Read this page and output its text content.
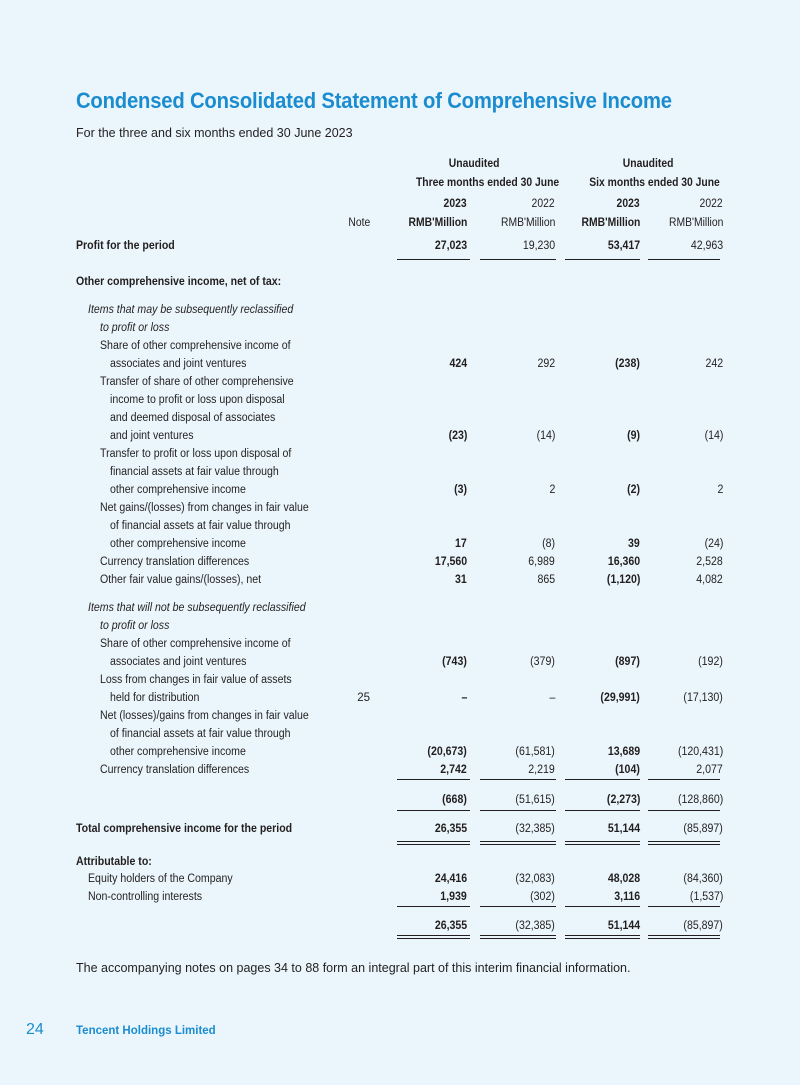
Condensed Consolidated Statement of Comprehensive Income
For the three and six months ended 30 June 2023
Unaudited	Unaudited
Three months ended 30 June	Six months ended 30 June
2023	2022	2023	2022
Note	RMB'Million	RMB'Million RMB'Million RMB'Million
Profit for the period	27,023	19,230	53,417	42,963
Other comprehensive income, net of tax:
Items that may be subsequently reclassified
to profit or loss
Share of other comprehensive income of
associates and joint ventures	424	292	(238)	242
Transfer of share of other comprehensive
income to profit or loss upon disposal
and deemed disposal of associates
and joint ventures	(23)	(14)	(9)	(14)
Transfer to profit or loss upon disposal of
financial assets at fair value through
other comprehensive income	(3)	2	(2)	2
Net gains/(losses) from changes in fair value
of financial assets at fair value through
other comprehensive income	17	(8)	39	(24)
Currency translation differences	17,560	6,989	16,360	2,528
Other fair value gains/(losses), net	31	865	(1,120)	4,082
Items that will not be subsequently reclassified
to profit or loss
Share of other comprehensive income of
associates and joint ventures	(743)	(379)	(897)	(192)
Loss from changes in fair value of assets
held for distribution	25	–	–	(29,991)	(17,130)
Net (losses)/gains from changes in fair value
of financial assets at fair value through
other comprehensive income	(20,673)	(61,581)	13,689	(120,431)
Currency translation differences	2,742	2,219	(104)	2,077
(668)	(51,615)	(2,273)	(128,860)
Total comprehensive income for the period	26,355	(32,385)	51,144	(85,897)
Attributable to:
Equity holders of the Company	24,416	(32,083)	48,028	(84,360)
Non-controlling interests	1,939	(302)	3,116	(1,537)
26,355	(32,385)	51,144	(85,897)
The accompanying notes on pages 34 to 88 form an integral part of this interim financial information.
24	Tencent Holdings Limited
